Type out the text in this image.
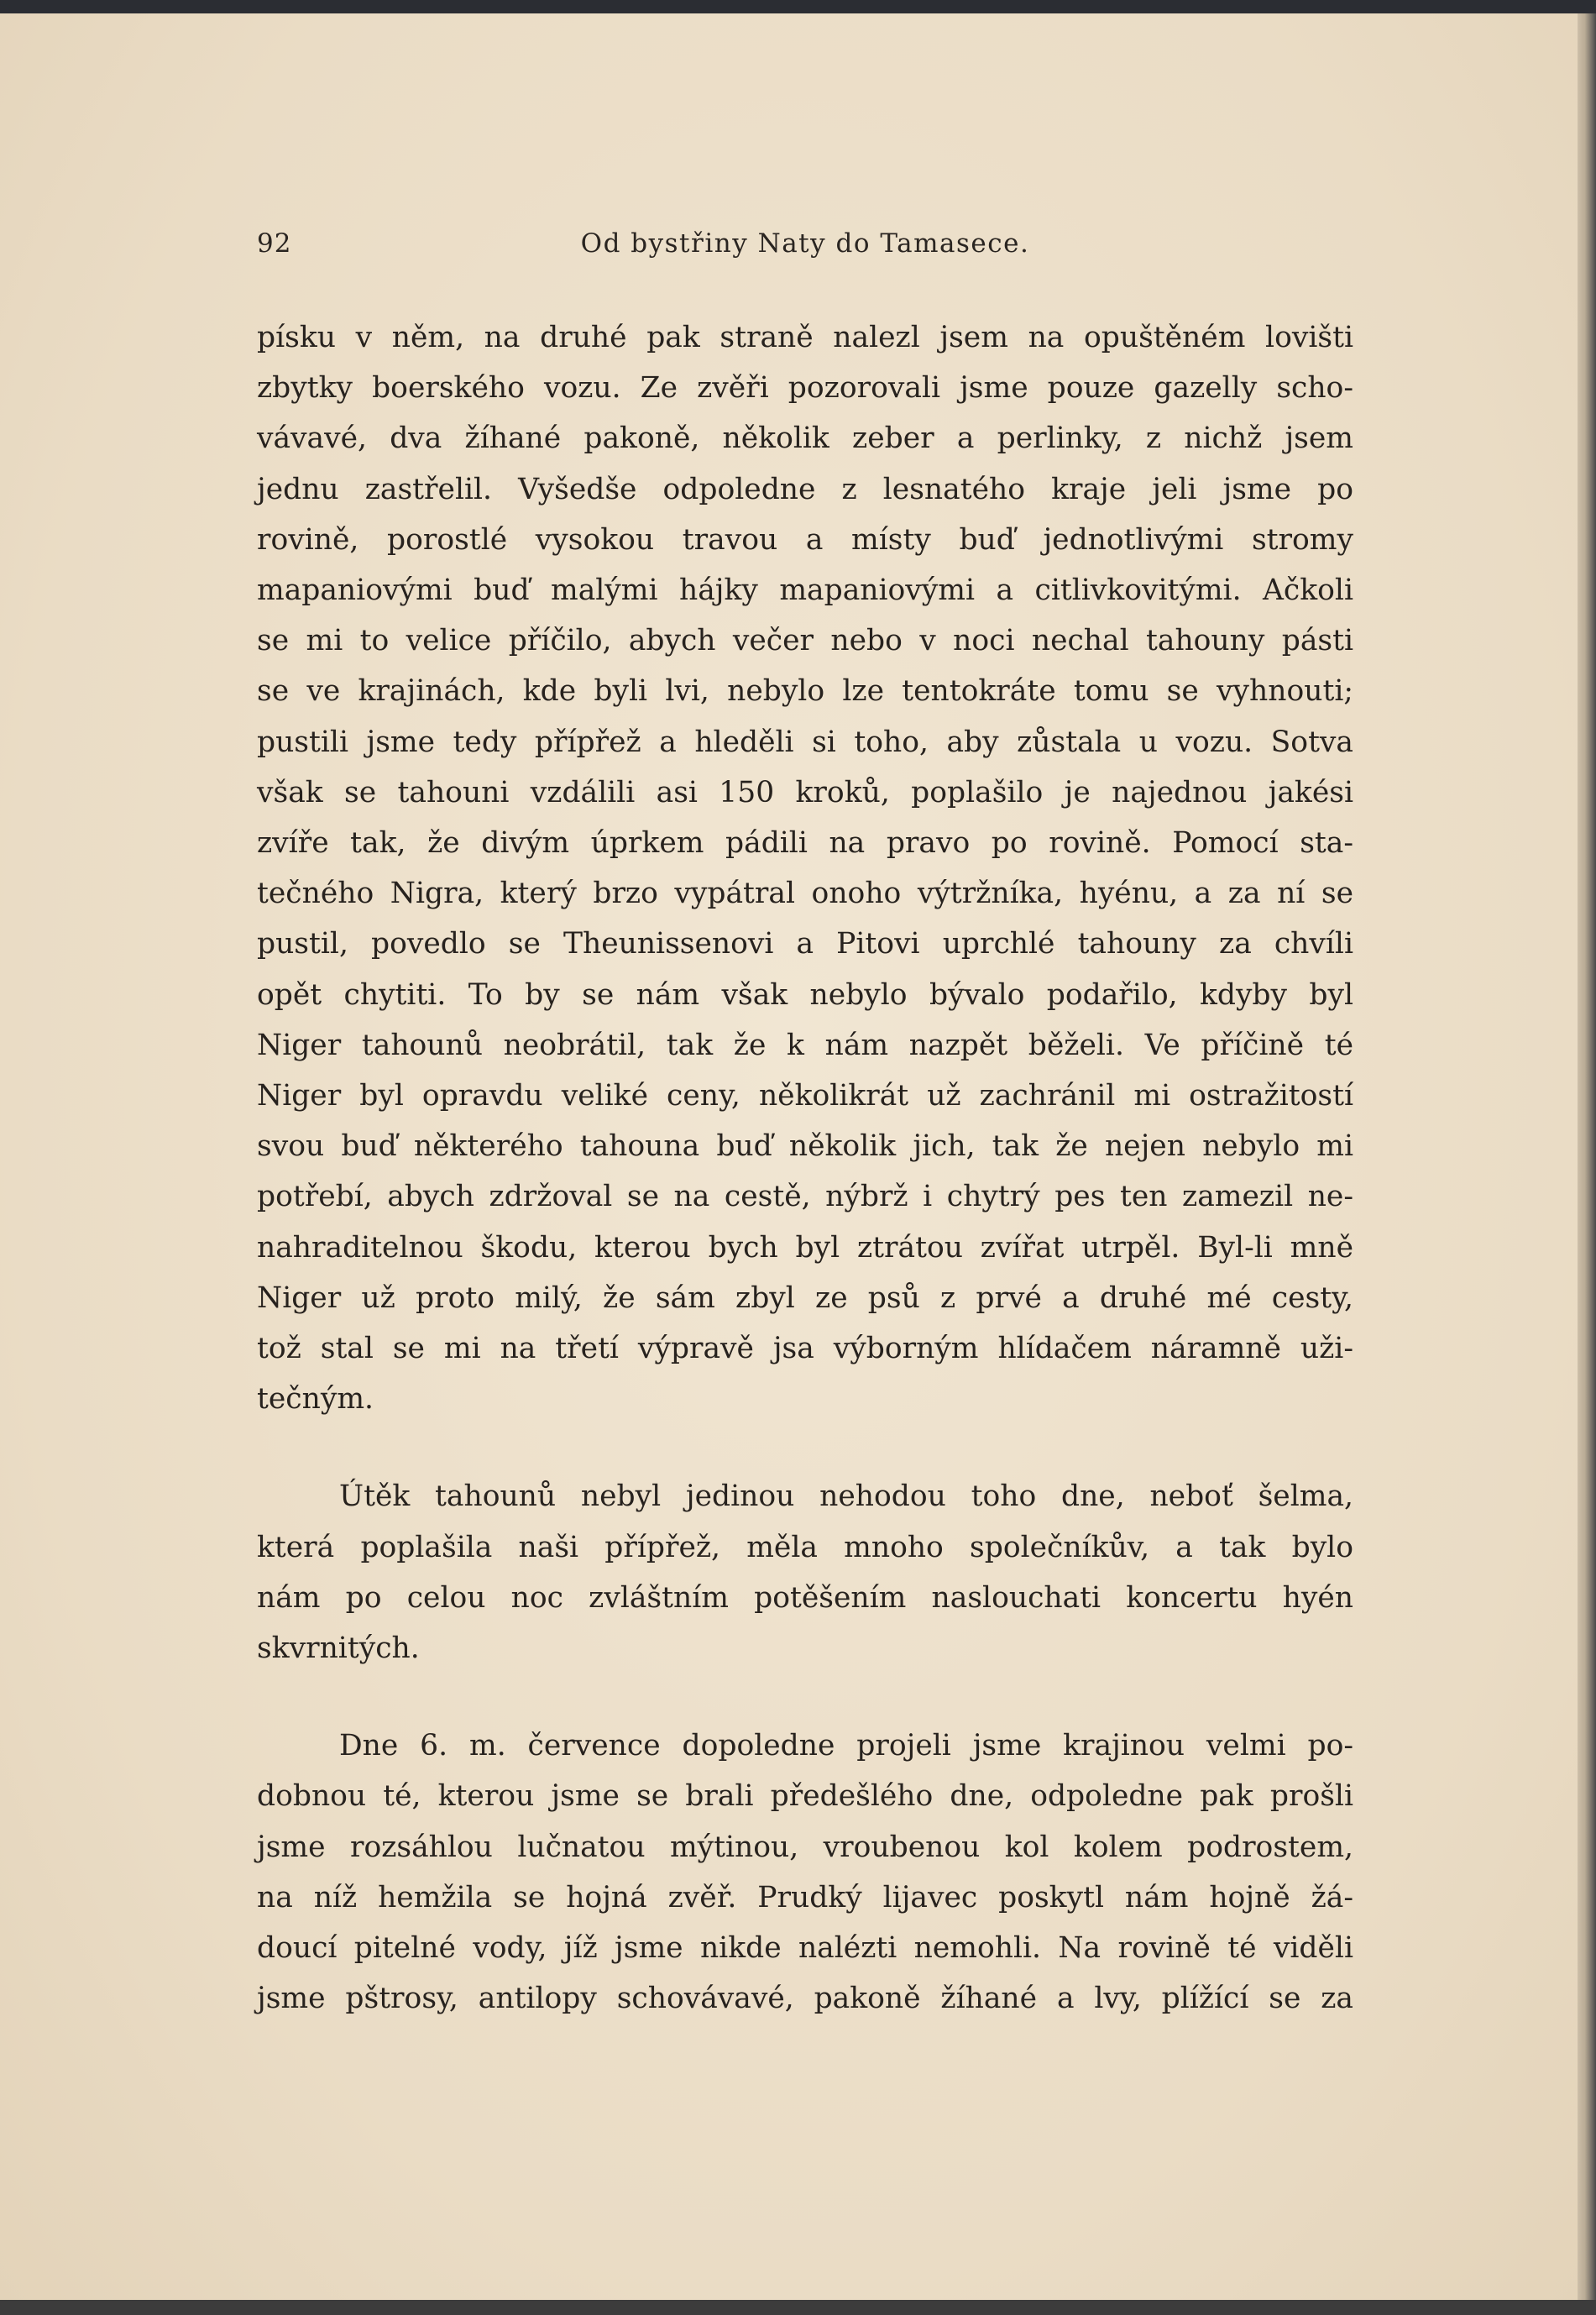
92	Od bystřiny Naty do Tamasece.
písku v něm, na druhé pak straně nalezl jsem na opuštěném lovišti
zbytky boerského vozu. Ze zvěři pozorovali jsme pouze gazelly scho-
vávavé, dva žíhané pakoně, několik zeber a perlinky, z nichž jsem
jednu zastřelil. Vyšedše odpoledne z lesnatého kraje jeli jsme po
rovině, porostlé vysokou travou a místy buď jednotlivými stromy
mapaniovými buď malými hájky mapaniovými a citlivkovitými. Ačkoli
se mi to velice příčilo, abych večer nebo v noci nechal tahouny pásti
se ve krajinách, kde byli lvi, nebylo lze tentokráte tomu se vyhnouti;
pustili jsme tedy přípřež a hleděli si toho, aby zůstala u vozu. Sotva
však se tahouni vzdálili asi 150 kroků, poplašilo je najednou jakési
zvíře tak, že divým úprkem pádili na pravo po rovině. Pomocí sta-
tečného Nigra, který brzo vypátral onoho výtržníka, hyénu, a za ní se
pustil, povedlo se Theunissenovi a Pitovi uprchlé tahouny za chvíli
opět chytiti. To by se nám však nebylo bývalo podařilo, kdyby byl
Niger tahounů neobrátil, tak že k nám nazpět běželi. Ve příčině té
Niger byl opravdu veliké ceny, několikrát už zachránil mi ostražitostí
svou buď některého tahouna buď několik jich, tak že nejen nebylo mi
potřebí, abych zdržoval se na cestě, nýbrž i chytrý pes ten zamezil ne-
nahraditelnou škodu, kterou bych byl ztrátou zvířat utrpěl. Byl-li mně
Niger už proto milý, že sám zbyl ze psů z prvé a druhé mé cesty,
tož stal se mi na třetí výpravě jsa výborným hlídačem náramně uži-
tečným.
Útěk tahounů nebyl jedinou nehodou toho dne, neboť šelma,
která poplašila naši přípřež, měla mnoho společníkův, a tak bylo
nám po celou noc zvláštním potěšením naslouchati koncertu hyén
skvrnitých.
Dne 6. m. července dopoledne projeli jsme krajinou velmi po-
dobnou té, kterou jsme se brali předešlého dne, odpoledne pak prošli
jsme rozsáhlou lučnatou mýtinou, vroubenou kol kolem podrostem,
na níž hemžila se hojná zvěř. Prudký lijavec poskytl nám hojně žá-
doucí pitelné vody, jíž jsme nikde nalézti nemohli. Na rovině té viděli
jsme pštrosy, antilopy schovávavé, pakoně žíhané a lvy, plížící se za
